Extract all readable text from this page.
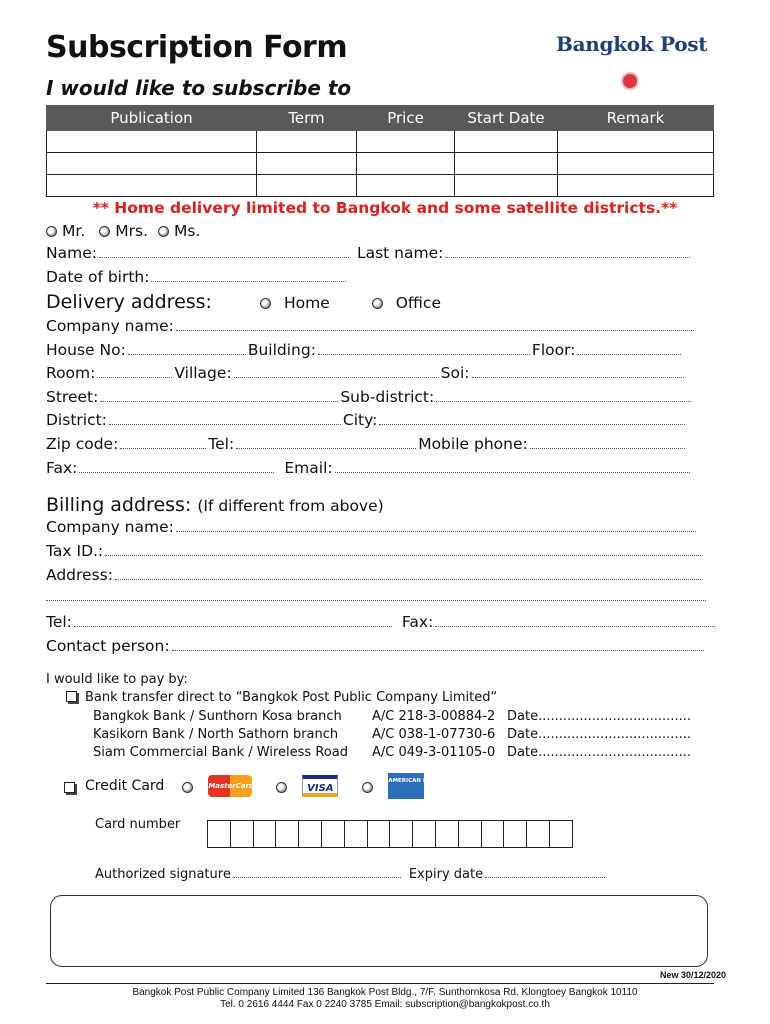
Subscription Form
I would like to subscribe to
Bangkok Post
Publication	Term	Price	Start Date	Remark

** Home delivery limited to Bangkok and some satellite districts.**
Mr. Mrs. Ms.
Name:	Last name:
Date of birth:
Delivery address:	Home	Office
Company name:
House No:	Building:	Floor:
Room:	Village:	Soi:
Street:	Sub-district:
District:	City:
Zip code:	Tel:	Mobile phone:
Fax:	Email:
Billing address: (If different from above)
Company name:
Tax ID.:
Address:
Tel:	Fax:
Contact person:
I would like to pay by:
Bank transfer direct to “Bangkok Post Public Company Limited“
Bangkok Bank / Sunthorn Kosa branch A/C 218-3-00884-2 Date.....................................
Kasikorn Bank / North Sathorn branch	A/C 038-1-07730-6 Date.....................................
Siam Commercial Bank / Wireless Road A/C 049-3-01105-0 Date.....................................
Credit Card	MasterCard	VISA
AMERICAN EXPRESS
Card number
Authorized signature	Expiry date
New 30/12/2020
Bangkok Post Public Company Limited 136 Bangkok Post Bldg., 7/F. Sunthornkosa Rd. Klongtoey Bangkok 10110
Tel. 0 2616 4444 Fax 0 2240 3785 Email: subscription@bangkokpost.co.th
